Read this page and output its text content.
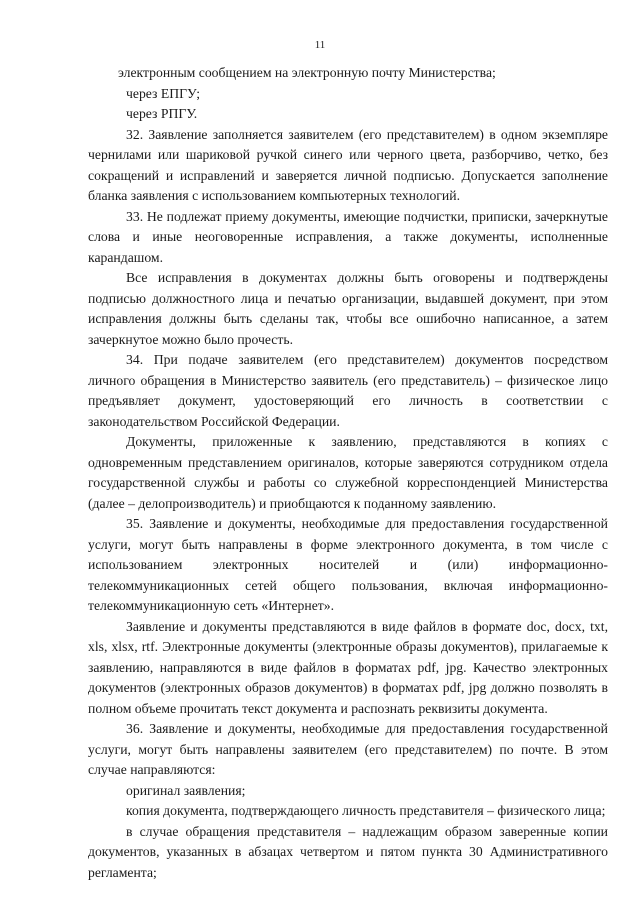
11

электронным сообщением на электронную почту Министерства;

через ЕПГУ;

через РПГУ.

32. Заявление заполняется заявителем (его представителем) в одном экземпляре чернилами или шариковой ручкой синего или черного цвета, разборчиво, четко, без сокращений и исправлений и заверяется личной подписью. Допускается заполнение бланка заявления с использованием компьютерных технологий.

33. Не подлежат приему документы, имеющие подчистки, приписки, зачеркнутые слова и иные неоговоренные исправления, а также документы, исполненные карандашом.

Все исправления в документах должны быть оговорены и подтверждены подписью должностного лица и печатью организации, выдавшей документ, при этом исправления должны быть сделаны так, чтобы все ошибочно написанное, а затем зачеркнутое можно было прочесть.

34. При подаче заявителем (его представителем) документов посредством личного обращения в Министерство заявитель (его представитель) – физическое лицо предъявляет документ, удостоверяющий его личность в соответствии с законодательством Российской Федерации.

Документы, приложенные к заявлению, представляются в копиях с одновременным представлением оригиналов, которые заверяются сотрудником отдела государственной службы и работы со служебной корреспонденцией Министерства (далее – делопроизводитель) и приобщаются к поданному заявлению.

35. Заявление и документы, необходимые для предоставления государственной услуги, могут быть направлены в форме электронного документа, в том числе с использованием электронных носителей и (или) информационно-телекоммуникационных сетей общего пользования, включая информационно-телекоммуникационную сеть «Интернет».

Заявление и документы представляются в виде файлов в формате doc, docx, txt, xls, xlsx, rtf. Электронные документы (электронные образы документов), прилагаемые к заявлению, направляются в виде файлов в форматах pdf, jpg. Качество электронных документов (электронных образов документов) в форматах pdf, jpg должно позволять в полном объеме прочитать текст документа и распознать реквизиты документа.

36. Заявление и документы, необходимые для предоставления государственной услуги, могут быть направлены заявителем (его представителем) по почте. В этом случае направляются:

оригинал заявления;

копия документа, подтверждающего личность представителя – физического лица;

в случае обращения представителя – надлежащим образом заверенные копии документов, указанных в абзацах четвертом и пятом пункта 30 Административного регламента;
